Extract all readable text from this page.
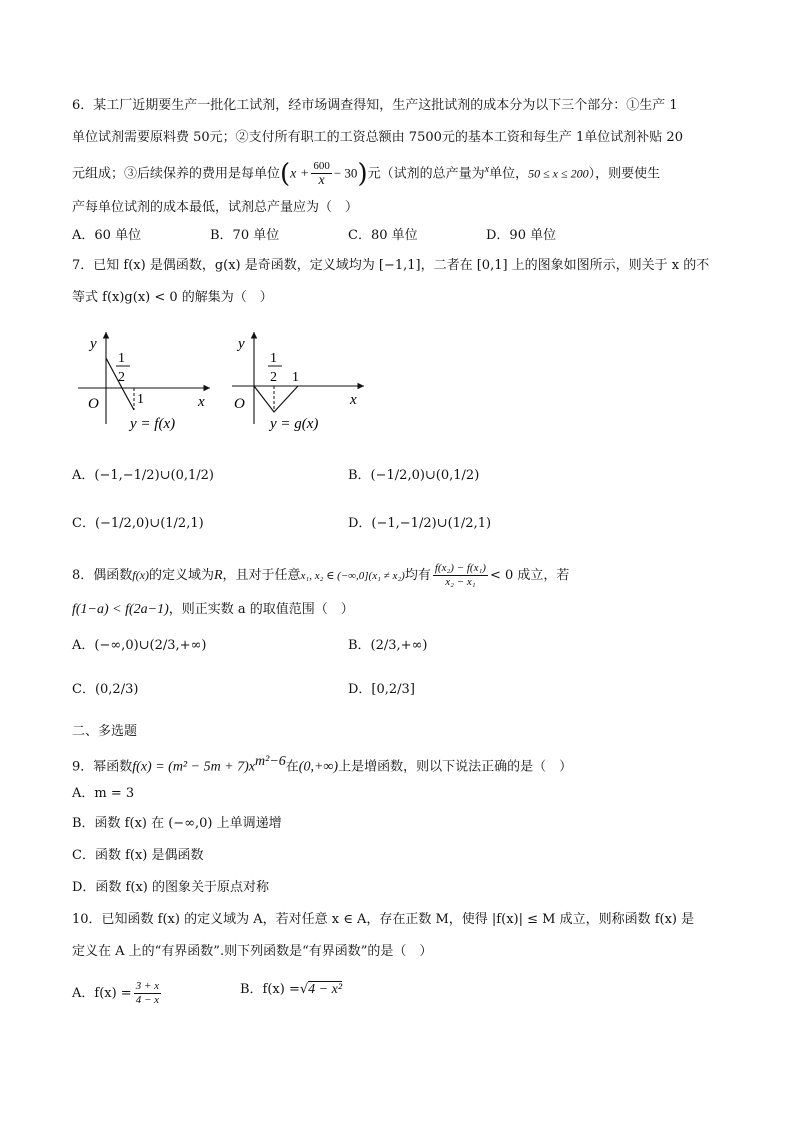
6．某工厂近期要生产一批化工试剂，经市场调查得知，生产这批试剂的成本分为以下三个部分：①生产 1
单位试剂需要原料费 50元；②支付所有职工的工资总额由 7500元的基本工资和每生产 1单位试剂补贴 20
元组成；③后续保养的费用是每单位$(x + \frac{600}{x} - 30)$元（试剂的总产量为$^x$单位，50 ≤ x ≤ 200），则要使生
产每单位试剂的成本最低，试剂总产量应为（　）
A．60 单位	B．70 单位	C．80 单位	D．90 单位
7．已知 f(x) 是偶函数，g(x) 是奇函数，定义域均为 [−1,1]，二者在 [0,1] 上的图象如图所示，则关于 x 的不
等式 f(x)g(x) < 0 的解集为（　）
y
x
O
1
2
1
y = f(x)
y
x
O
1
2 1
y = g(x)
A．(−1,−1/2)∪(0,1/2)	B．(−1/2,0)∪(0,1/2)
C．(−1/2,0)∪(1/2,1)	D．(−1,−1/2)∪(1/2,1)
8．偶函数f(x)的定义域为R，且对于任意x₁, x₂ ∈ (−∞,0](x₁ ≠ x₂)均有 $\frac{\text{f(x₂) − f(x₁)}}{\text{x₂ − x₁}} < 0$ 成立，若
f(1−a) < f(2a−1)，则正实数 a 的取值范围（　）
A．(−∞,0)∪(2/3,+∞)	B．(2/3,+∞)
C．(0,2/3)	D．[0,2/3]
二、多选题
9．幂函数$f(x) = (m^2 - 5m + 7)x^{m^2-6}$在(0,+∞)上是增函数，则以下说法正确的是（　）
A．m = 3
B．函数 f(x) 在 (−∞,0) 上单调递增
C．函数 f(x) 是偶函数
D．函数 f(x) 的图象关于原点对称
10．已知函数 f(x) 的定义域为 A，若对任意 x ∈ A，存在正数 M，使得 |f(x)| ≤ M 成立，则称函数 f(x) 是
定义在 A 上的“有界函数”.则下列函数是“有界函数”的是（　）
A．$f(x) = \frac{3 + x}{4 - x}$	B．f(x) =√4 − x²
